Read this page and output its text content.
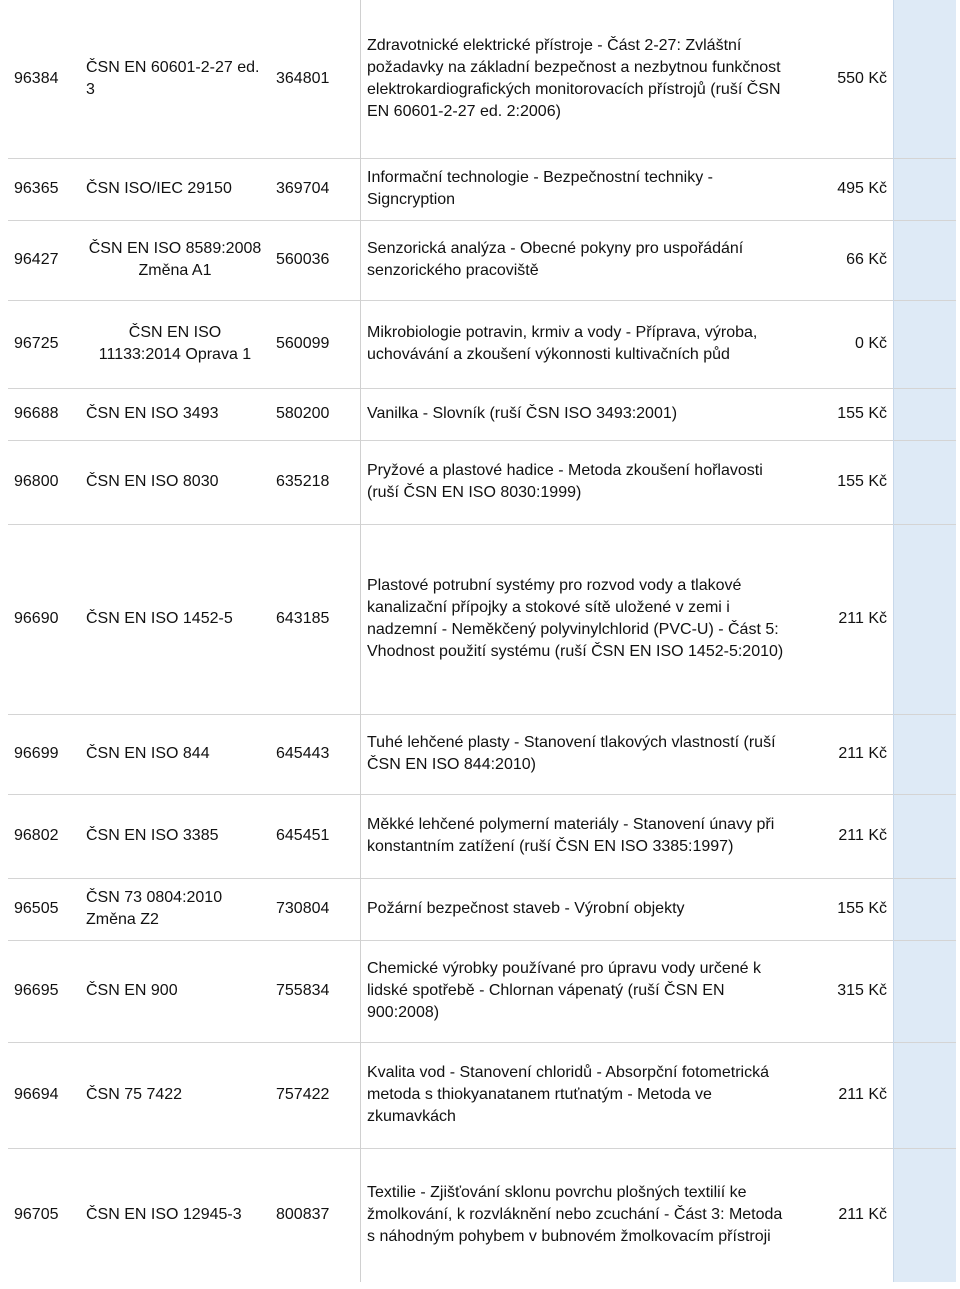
96384	ČSN EN 60601-2-27 ed. 3	364801	Zdravotnické elektrické přístroje - Část 2-27: Zvláštní požadavky na základní bezpečnost a nezbytnou funkčnost elektrokardiografických monitorovacích přístrojů (ruší ČSN EN 60601-2-27 ed. 2:2006)	550 Kč	
96365	ČSN ISO/IEC 29150	369704	Informační technologie - Bezpečnostní techniky - Signcryption	495 Kč	
96427	ČSN EN ISO 8589:2008 Změna A1	560036	Senzorická analýza - Obecné pokyny pro uspořádání senzorického pracoviště	66 Kč	
96725	ČSN EN ISO 11133:2014 Oprava 1	560099	Mikrobiologie potravin, krmiv a vody - Příprava, výroba, uchovávání a zkoušení výkonnosti kultivačních půd	0 Kč	
96688	ČSN EN ISO 3493	580200	Vanilka - Slovník (ruší ČSN ISO 3493:2001)	155 Kč	
96800	ČSN EN ISO 8030	635218	Pryžové a plastové hadice - Metoda zkoušení hořlavosti (ruší ČSN EN ISO 8030:1999)	155 Kč	
96690	ČSN EN ISO 1452-5	643185	Plastové potrubní systémy pro rozvod vody a tlakové kanalizační přípojky a stokové sítě uložené v zemi i nadzemní - Neměkčený polyvinylchlorid (PVC-U) - Část 5: Vhodnost použití systému (ruší ČSN EN ISO 1452-5:2010)	211 Kč	
96699	ČSN EN ISO 844	645443	Tuhé lehčené plasty - Stanovení tlakových vlastností (ruší ČSN EN ISO 844:2010)	211 Kč	
96802	ČSN EN ISO 3385	645451	Měkké lehčené polymerní materiály - Stanovení únavy při konstantním zatížení (ruší ČSN EN ISO 3385:1997)	211 Kč	
96505	ČSN 73 0804:2010 Změna Z2	730804	Požární bezpečnost staveb - Výrobní objekty	155 Kč	
96695	ČSN EN 900	755834	Chemické výrobky používané pro úpravu vody určené k lidské spotřebě - Chlornan vápenatý (ruší ČSN EN 900:2008)	315 Kč	
96694	ČSN 75 7422	757422	Kvalita vod - Stanovení chloridů - Absorpční fotometrická metoda s thiokyanatanem rtuťnatým - Metoda ve zkumavkách	211 Kč	
96705	ČSN EN ISO 12945-3	800837	Textilie - Zjišťování sklonu povrchu plošných textilií ke žmolkování, k rozvláknění nebo zcuchání - Část 3: Metoda s náhodným pohybem v bubnovém žmolkovacím přístroji	211 Kč	
